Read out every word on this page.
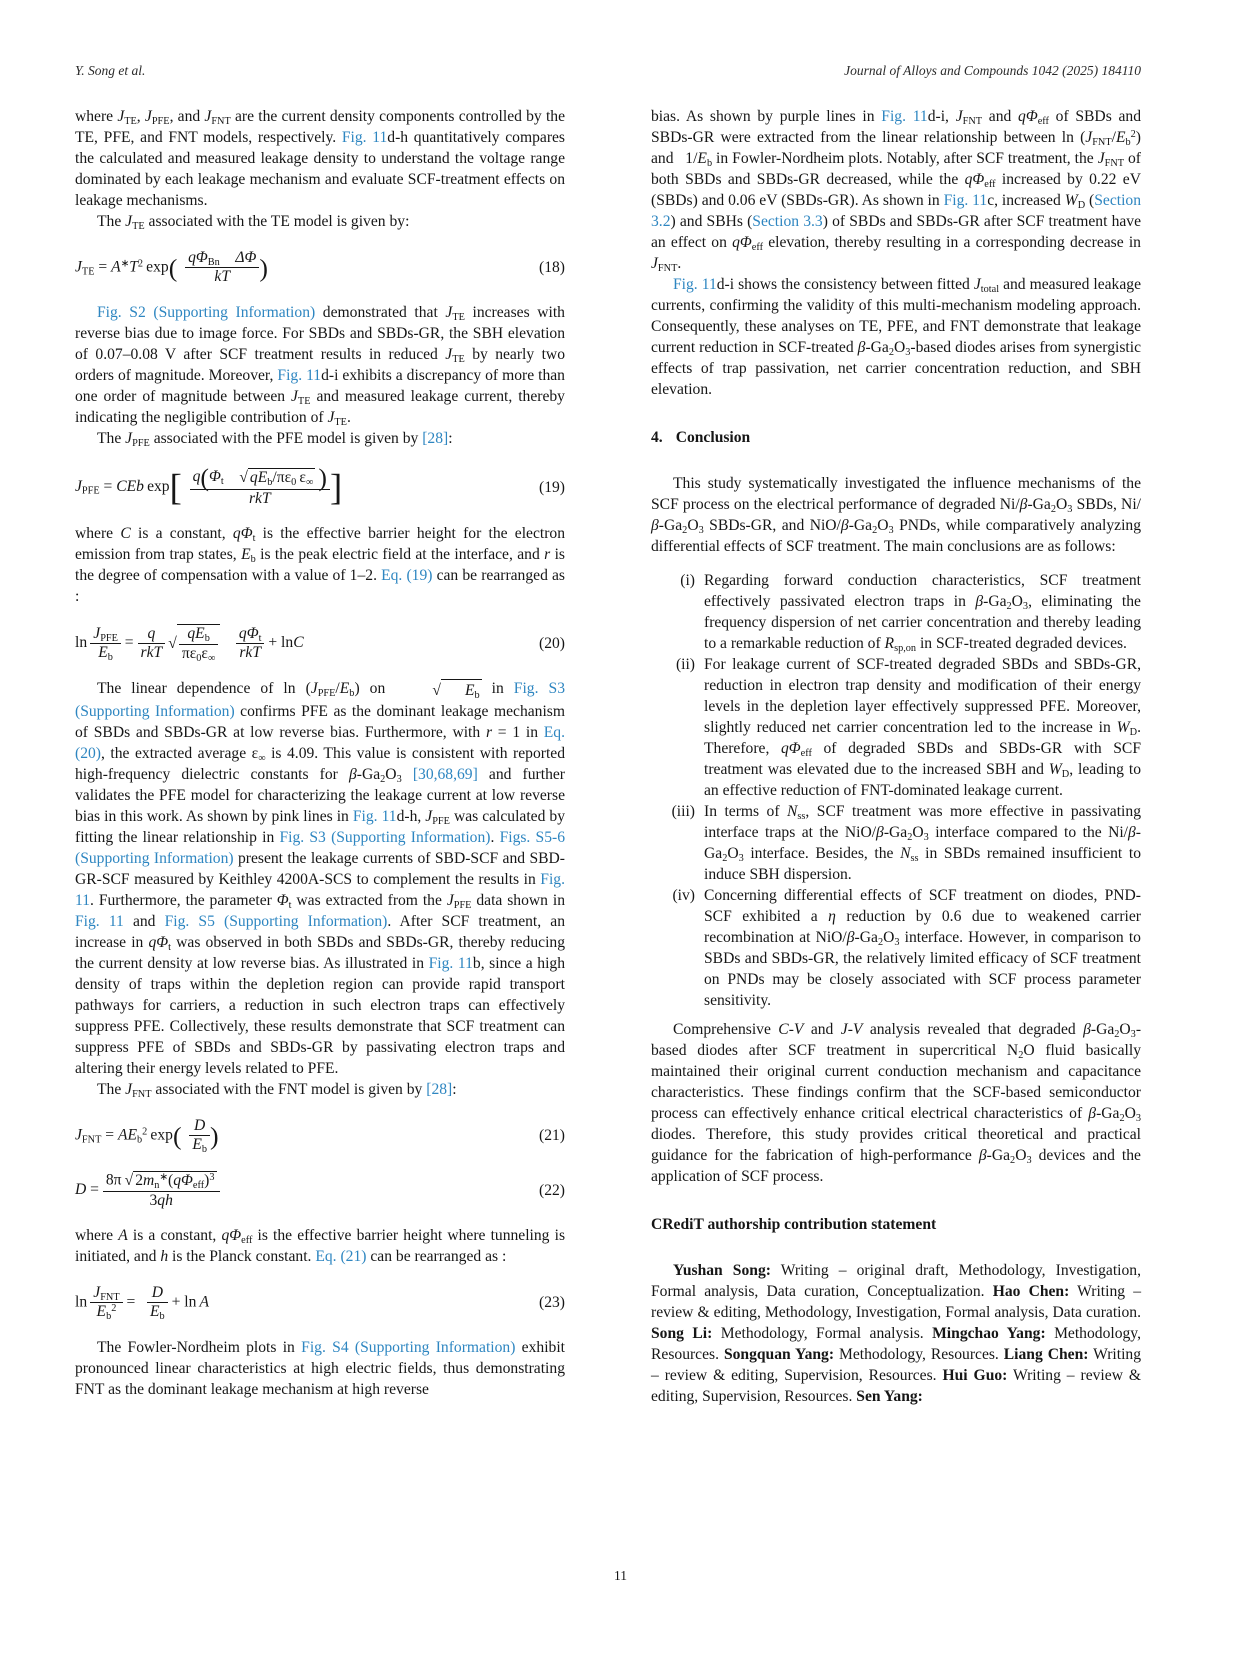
Y. Song et al.	Journal of Alloys and Compounds 1042 (2025) 184110
where $J_{TE}$, $J_{PFE}$, and $J_{FNT}$ are the current density components controlled by the TE, PFE, and FNT models, respectively. Fig. 11d-h quantitatively compares the calculated and measured leakage density to understand the voltage range dominated by each leakage mechanism and evaluate SCF-treatment effects on leakage mechanisms.
The $J_{TE}$ associated with the TE model is given by:
$J_{TE} = A^∗T^2$ exp(  $q\Phi_{Bn}$   ΔΦ
kT	)	(18)
Fig. S2 (Supporting Information) demonstrated that $J_{TE}$ increases with reverse bias due to image force. For SBDs and SBDs-GR, the SBH elevation of 0.07–0.08 V after SCF treatment results in reduced $J_{TE}$ by nearly two orders of magnitude. Moreover, Fig. 11d-i exhibits a discrepancy of more than one order of magnitude between $J_{TE}$ and measured leakage current, thereby indicating the negligible contribution of $J_{TE}$.
The $J_{PFE}$ associated with the PFE model is given by [28]:
$J_{PFE}$ = CEb exp[  $q(\Phi_t$   √ $qE_b/\pi\varepsilon_0$ $\varepsilon_\infty$  )
rkT	]	(19)
where C is a constant, $q\Phi_t$ is the effective barrier height for the electron emission from trap states, $E_b$ is the peak electric field at the interface, and r is the degree of compensation with a value of 1–2. Eq. (19) can be rearranged as :
ln 
$J_{PFE}$
$E_b$
=
q
rkT
 √
$qE_b$
$\pi\varepsilon_0\varepsilon_\infty$

$q\Phi_t$
rkT
+ lnC	(20)
The linear dependence of $\ln (J_{PFE}/E_b)$ on 	√ $E_b$ in Fig. S3 (Supporting Information) confirms PFE as the dominant leakage mechanism of SBDs and SBDs-GR at low reverse bias. Furthermore, with r = 1 in Eq. (20), the extracted average $\varepsilon_\infty$ is 4.09. This value is consistent with reported high-frequency dielectric constants for $\beta-Ga_2O_3$ [30,68,69] and further validates the PFE model for characterizing the leakage current at low reverse bias in this work. As shown by pink lines in Fig. 11d-h, $J_{PFE}$ was calculated by fitting the linear relationship in Fig. S3 (Supporting Information). Figs. S5-6 (Supporting Information) present the leakage currents of SBD-SCF and SBD-GR-SCF measured by Keithley 4200A-SCS to complement the results in Fig. 11. Furthermore, the parameter $\Phi_t$ was extracted from the $J_{PFE}$ data shown in Fig. 11 and Fig. S5 (Supporting Information). After SCF treatment, an increase in $q\Phi_t$ was observed in both SBDs and SBDs-GR, thereby reducing the current density at low reverse bias. As illustrated in Fig. 11b, since a high density of traps within the depletion region can provide rapid transport pathways for carriers, a reduction in such electron traps can effectively suppress PFE. Collectively, these results demonstrate that SCF treatment can suppress PFE of SBDs and SBDs-GR by passivating electron traps and altering their energy levels related to PFE.
The $J_{FNT}$ associated with the FNT model is given by [28]:
$J_{FNT} = AE_b^2$ exp(  $\frac{D}{E_b}$ )	(21)
D =
8π √ $2m_n^∗(q\Phi_{eff})^3$
3qh
(22)
where A is a constant, $q\Phi_{eff}$ is the effective barrier height where tunneling is initiated, and h is the Planck constant. Eq. (21) can be rearranged as :
ln 
$J_{FNT}$
$E_b^2$ =   $\frac{D}{E_b} + \ln A$	(23)
The Fowler-Nordheim plots in Fig. S4 (Supporting Information) exhibit pronounced linear characteristics at high electric fields, thus demonstrating FNT as the dominant leakage mechanism at high reverse
bias. As shown by purple lines in Fig. 11d-i, $J_{FNT}$ and $q\Phi_{eff}$ of SBDs and SBDs-GR were extracted from the linear relationship between $\ln (J_{FNT}/E_b^2)$ and  $1/E_b$ in Fowler-Nordheim plots. Notably, after SCF treatment, the $J_{FNT}$ of both SBDs and SBDs-GR decreased, while the $q\Phi_{eff}$ increased by 0.22 eV (SBDs) and 0.06 eV (SBDs-GR). As shown in Fig. 11c, increased $W_D$ (Section 3.2) and SBHs (Section 3.3) of SBDs and SBDs-GR after SCF treatment have an effect on $q\Phi_{eff}$ elevation, thereby resulting in a corresponding decrease in $J_{FNT}$.
Fig. 11d-i shows the consistency between fitted $J_{total}$ and measured leakage currents, confirming the validity of this multi-mechanism modeling approach. Consequently, these analyses on TE, PFE, and FNT demonstrate that leakage current reduction in SCF-treated $\beta-Ga_2O_3$-based diodes arises from synergistic effects of trap passivation, net carrier concentration reduction, and SBH elevation.
4. Conclusion
This study systematically investigated the influence mechanisms of the SCF process on the electrical performance of degraded $Ni/\beta-Ga_2O_3$ SBDs, $Ni/\beta-Ga_2O_3$ SBDs-GR, and NiO/$\beta-Ga_2O_3$ PNDs, while comparatively analyzing differential effects of SCF treatment. The main conclusions are as follows:
(i) Regarding forward conduction characteristics, SCF treatment effectively passivated electron traps in $\beta-Ga_2O_3$, eliminating the frequency dispersion of net carrier concentration and thereby leading to a remarkable reduction of $R_{sp,on}$ in SCF-treated degraded devices.
(ii) For leakage current of SCF-treated degraded SBDs and SBDs-GR, reduction in electron trap density and modification of their energy levels in the depletion layer effectively suppressed PFE. Moreover, slightly reduced net carrier concentration led to the increase in $W_D$. Therefore, $q\Phi_{eff}$ of degraded SBDs and SBDs-GR with SCF treatment was elevated due to the increased SBH and $W_D$, leading to an effective reduction of FNT-dominated leakage current.
(iii) In terms of $N_{ss}$, SCF treatment was more effective in passivating interface traps at the NiO/$\beta-Ga_2O_3$ interface compared to the $Ni/\beta-Ga_2O_3$ interface. Besides, the $N_{ss}$ in SBDs remained insufficient to induce SBH dispersion.
(iv) Concerning differential effects of SCF treatment on diodes, PND-SCF exhibited a η reduction by 0.6 due to weakened carrier recombination at NiO/$\beta-Ga_2O_3$ interface. However, in comparison to SBDs and SBDs-GR, the relatively limited efficacy of SCF treatment on PNDs may be closely associated with SCF process parameter sensitivity.
Comprehensive C-V and J-V analysis revealed that degraded $\beta-Ga_2O_3$-based diodes after SCF treatment in supercritical $N_2O$ fluid basically maintained their original current conduction mechanism and capacitance characteristics. These findings confirm that the SCF-based semiconductor process can effectively enhance critical electrical characteristics of $\beta-Ga_2O_3$ diodes. Therefore, this study provides critical theoretical and practical guidance for the fabrication of high-performance $\beta-Ga_2O_3$ devices and the application of SCF process.
CRediT authorship contribution statement
Yushan Song: Writing – original draft, Methodology, Investigation, Formal analysis, Data curation, Conceptualization. Hao Chen: Writing – review & editing, Methodology, Investigation, Formal analysis, Data curation. Song Li: Methodology, Formal analysis. Mingchao Yang: Methodology, Resources. Songquan Yang: Methodology, Resources. Liang Chen: Writing – review & editing, Supervision, Resources. Hui Guo: Writing – review & editing, Supervision, Resources. Sen Yang:
11
